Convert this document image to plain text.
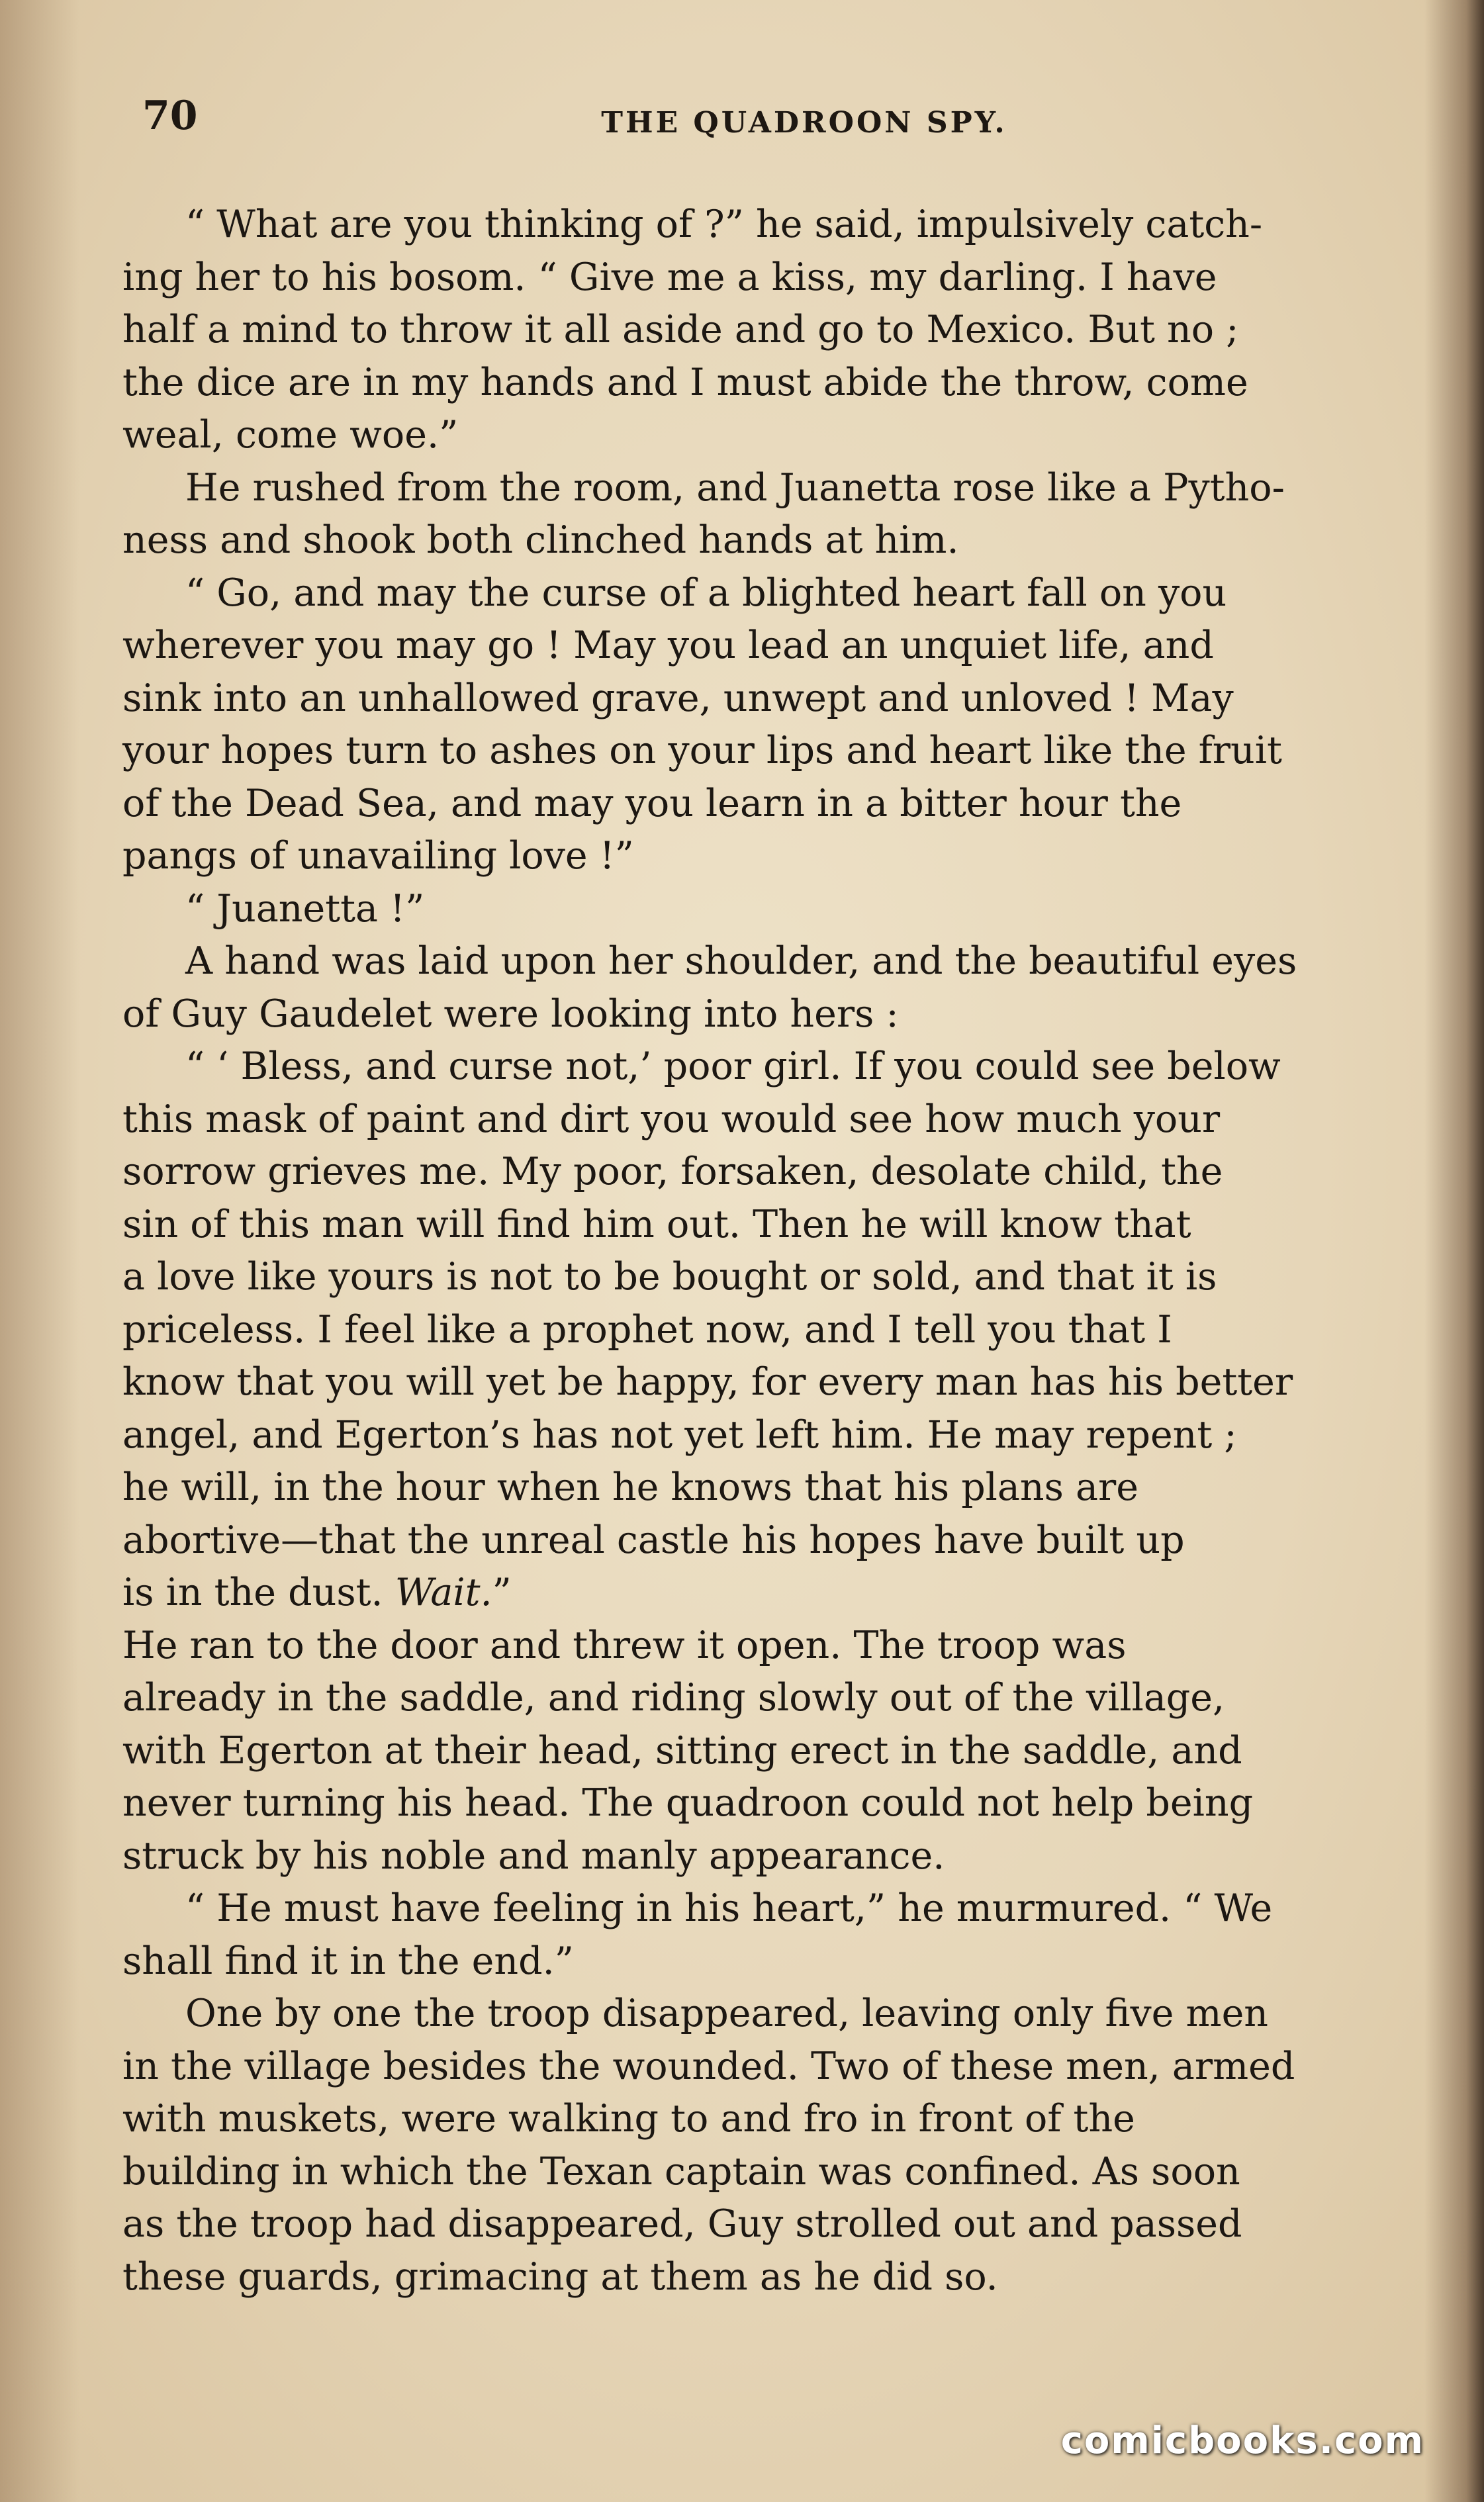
70	THE QUADROON SPY.

“ What are you thinking of ?” he said, impulsively catch-
ing her to his bosom. “ Give me a kiss, my darling. I have
half a mind to throw it all aside and go to Mexico. But no ;
the dice are in my hands and I must abide the throw, come
weal, come woe.”

He rushed from the room, and Juanetta rose like a Pytho-
ness and shook both clinched hands at him.

“ Go, and may the curse of a blighted heart fall on you
wherever you may go ! May you lead an unquiet life, and
sink into an unhallowed grave, unwept and unloved ! May
your hopes turn to ashes on your lips and heart like the fruit
of the Dead Sea, and may you learn in a bitter hour the
pangs of unavailing love !”

“ Juanetta !”

A hand was laid upon her shoulder, and the beautiful eyes
of Guy Gaudelet were looking into hers :

“ ‘ Bless, and curse not,’ poor girl. If you could see below
this mask of paint and dirt you would see how much your
sorrow grieves me. My poor, forsaken, desolate child, the
sin of this man will find him out. Then he will know that
a love like yours is not to be bought or sold, and that it is
priceless. I feel like a prophet now, and I tell you that I
know that you will yet be happy, for every man has his better
angel, and Egerton’s has not yet left him. He may repent ;
he will, in the hour when he knows that his plans are
abortive—that the unreal castle his hopes have built up
is in the dust. Wait.”

He ran to the door and threw it open. The troop was
already in the saddle, and riding slowly out of the village,
with Egerton at their head, sitting erect in the saddle, and
never turning his head. The quadroon could not help being
struck by his noble and manly appearance.

“ He must have feeling in his heart,” he murmured. “ We
shall find it in the end.”

One by one the troop disappeared, leaving only five men
in the village besides the wounded. Two of these men, armed
with muskets, were walking to and fro in front of the
building in which the Texan captain was confined. As soon
as the troop had disappeared, Guy strolled out and passed
these guards, grimacing at them as he did so.

comicbooks.com
